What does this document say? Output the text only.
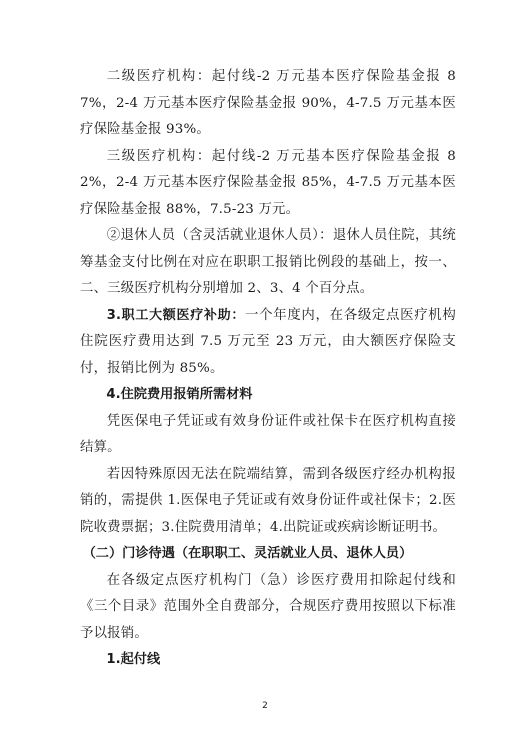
二级医疗机构：起付线-2 万元基本医疗保险基金报 87%，2-4 万元基本医疗保险基金报 90%，4-7.5 万元基本医疗保险基金报 93%。

三级医疗机构：起付线-2 万元基本医疗保险基金报 82%，2-4 万元基本医疗保险基金报 85%，4-7.5 万元基本医疗保险基金报 88%，7.5-23 万元。

②退休人员（含灵活就业退休人员）：退休人员住院，其统筹基金支付比例在对应在职职工报销比例段的基础上，按一、二、三级医疗机构分别增加 2、3、4 个百分点。

3.职工大额医疗补助：一个年度内，在各级定点医疗机构住院医疗费用达到 7.5 万元至 23 万元，由大额医疗保险支付，报销比例为 85%。

4.住院费用报销所需材料

凭医保电子凭证或有效身份证件或社保卡在医疗机构直接结算。

若因特殊原因无法在院端结算，需到各级医疗经办机构报销的，需提供 1.医保电子凭证或有效身份证件或社保卡；2.医院收费票据；3.住院费用清单；4.出院证或疾病诊断证明书。

（二）门诊待遇（在职职工、灵活就业人员、退休人员）

在各级定点医疗机构门（急）诊医疗费用扣除起付线和《三个目录》范围外全自费部分，合规医疗费用按照以下标准予以报销。

1.起付线

2
